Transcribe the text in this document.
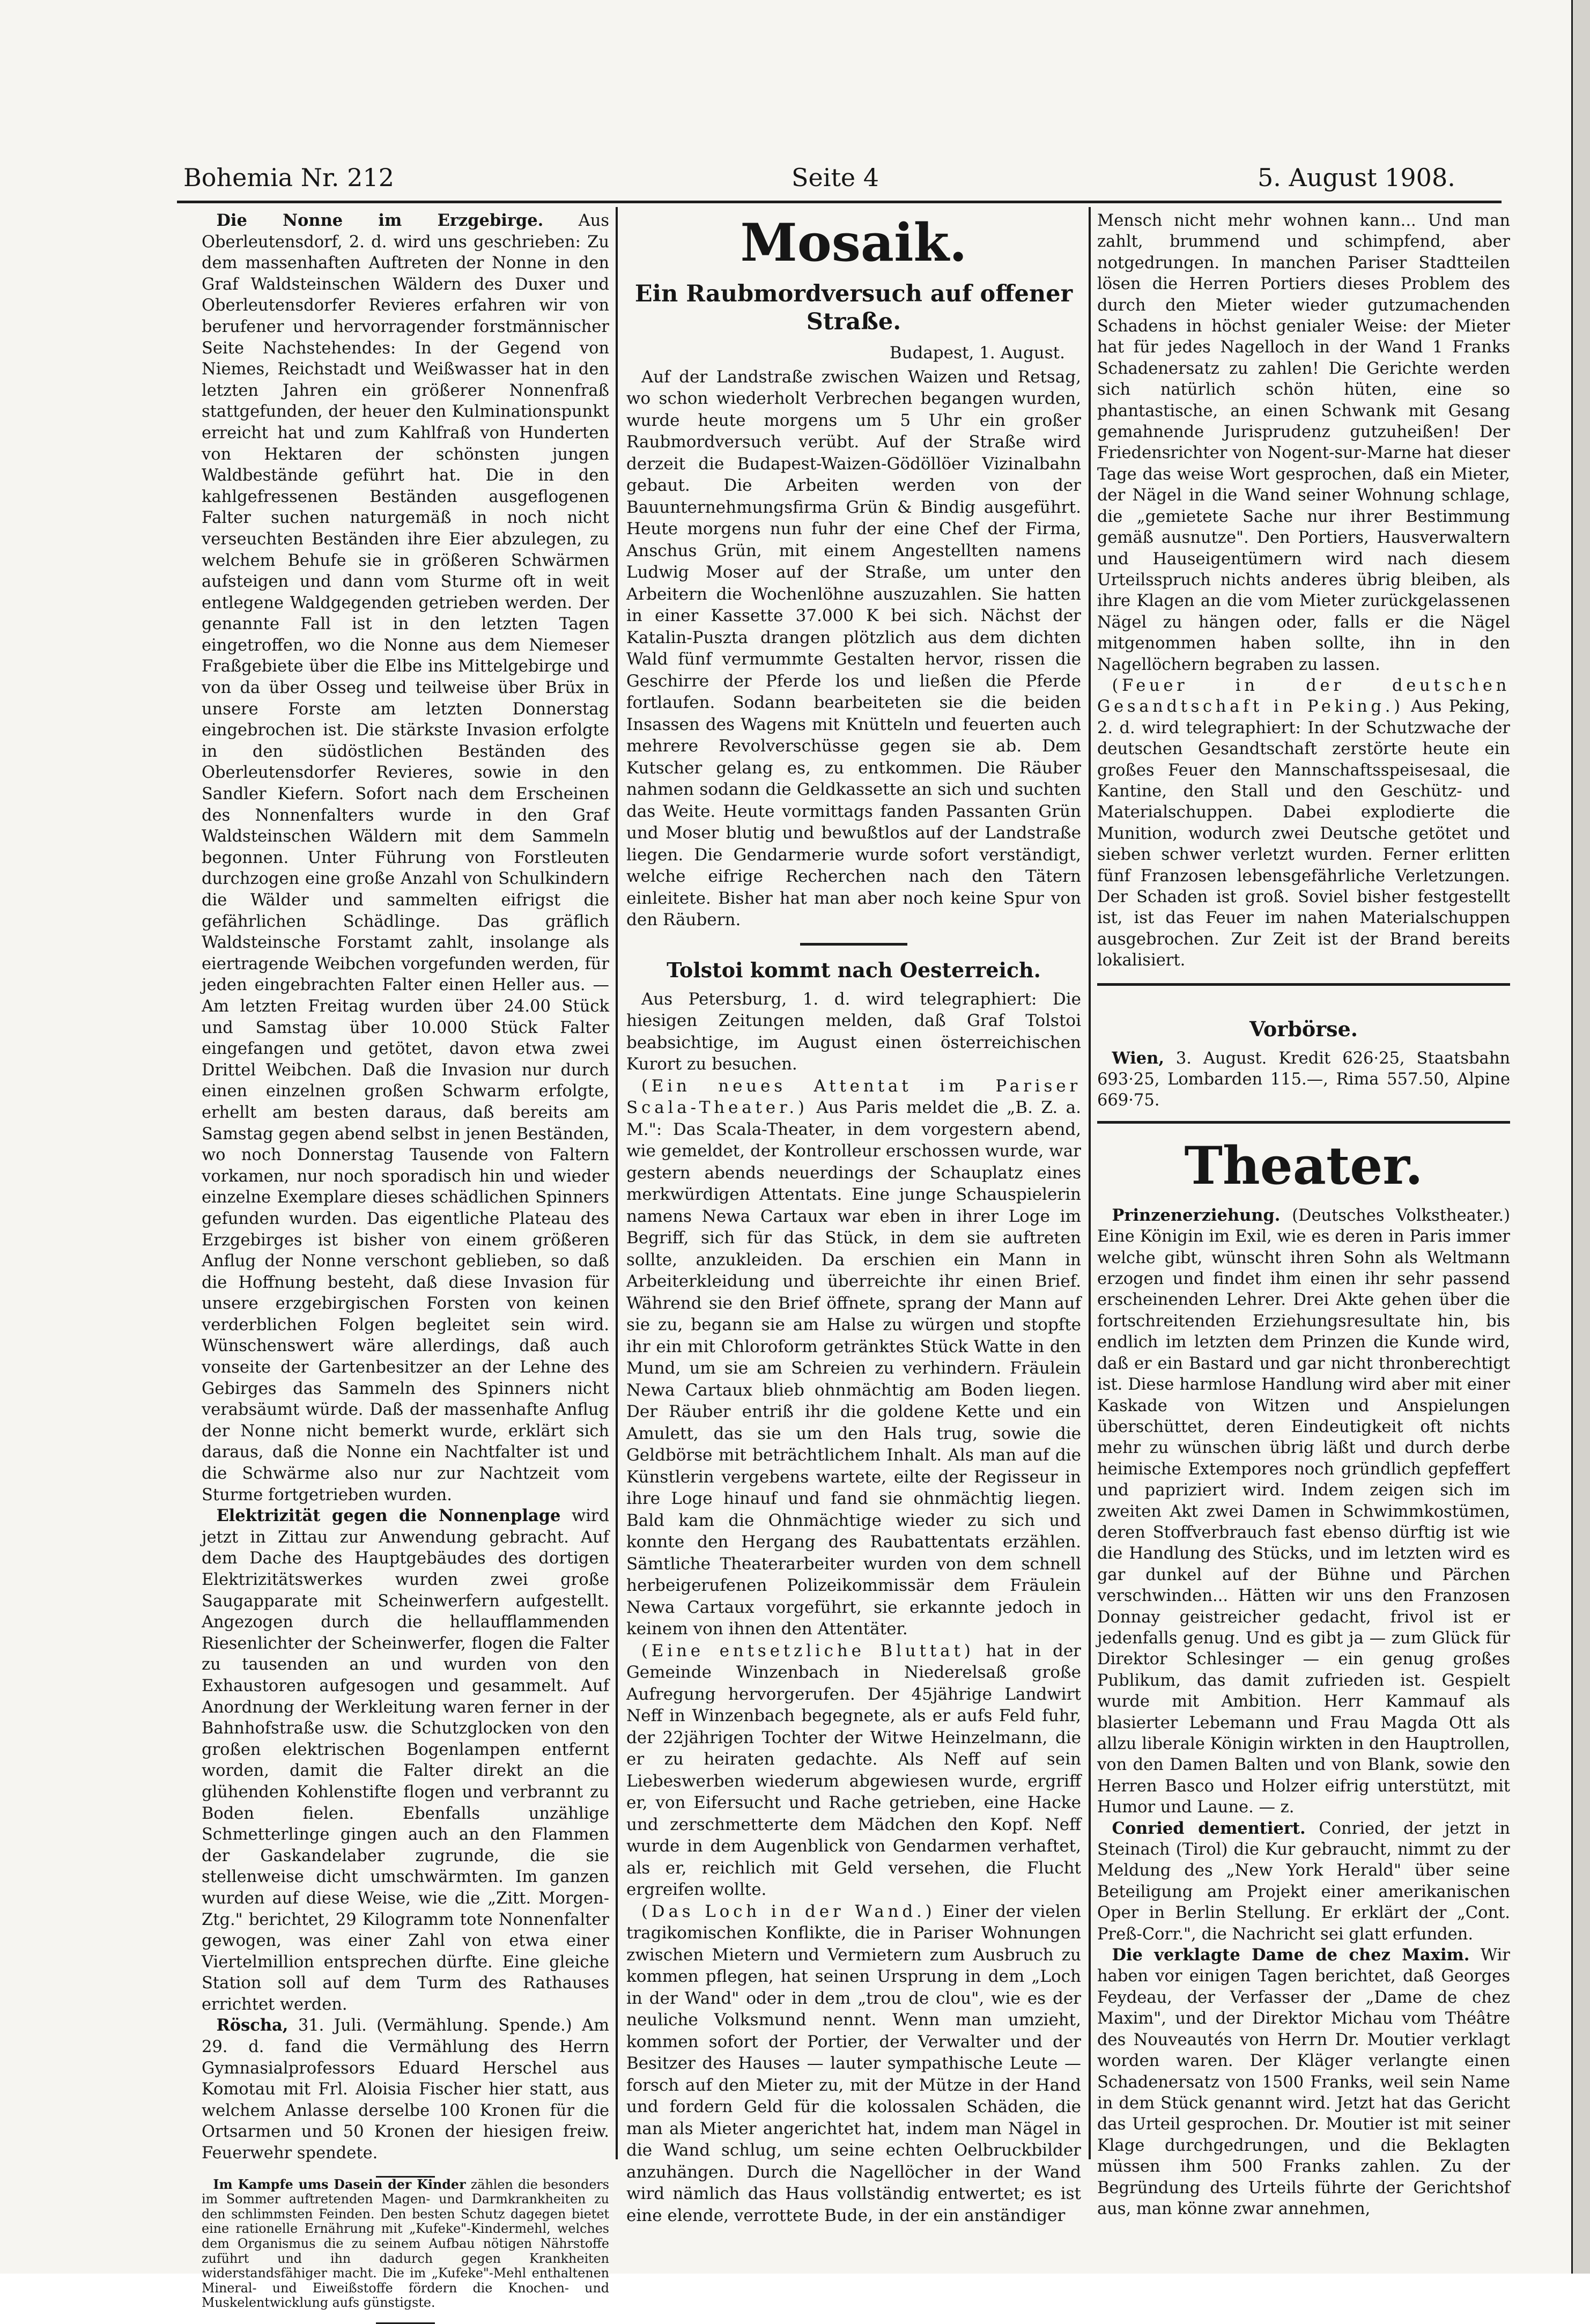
Bohemia Nr. 212	Seite 4	5. August 1908.

Die Nonne im Erzgebirge. Aus Oberleutensdorf, 2. d. wird uns geschrieben: Zu dem massenhaften Auftreten der Nonne in den Graf Waldsteinschen Wäldern des Duxer und Oberleutensdorfer Revieres erfahren wir von berufener und hervorragender forstmännischer Seite Nachstehendes: In der Gegend von Niemes, Reichstadt und Weißwasser hat in den letzten Jahren ein größerer Nonnenfraß stattgefunden, der heuer den Kulminationspunkt erreicht hat und zum Kahlfraß von Hunderten von Hektaren der schönsten jungen Waldbestände geführt hat. Die in den kahlgefressenen Beständen ausgeflogenen Falter suchen naturgemäß in noch nicht verseuchten Beständen ihre Eier abzulegen, zu welchem Behufe sie in größeren Schwärmen aufsteigen und dann vom Sturme oft in weit entlegene Waldgegenden getrieben werden. Der genannte Fall ist in den letzten Tagen eingetroffen, wo die Nonne aus dem Niemeser Fraßgebiete über die Elbe ins Mittelgebirge und von da über Osseg und teilweise über Brüx in unsere Forste am letzten Donnerstag eingebrochen ist. Die stärkste Invasion erfolgte in den südöstlichen Beständen des Oberleutensdorfer Revieres, sowie in den Sandler Kiefern. Sofort nach dem Erscheinen des Nonnenfalters wurde in den Graf Waldsteinschen Wäldern mit dem Sammeln begonnen. Unter Führung von Forstleuten durchzogen eine große Anzahl von Schulkindern die Wälder und sammelten eifrigst die gefährlichen Schädlinge. Das gräflich Waldsteinsche Forstamt zahlt, insolange als eiertragende Weibchen vorgefunden werden, für jeden eingebrachten Falter einen Heller aus. — Am letzten Freitag wurden über 24.00 Stück und Samstag über 10.000 Stück Falter eingefangen und getötet, davon etwa zwei Drittel Weibchen. Daß die Invasion nur durch einen einzelnen großen Schwarm erfolgte, erhellt am besten daraus, daß bereits am Samstag gegen abend selbst in jenen Beständen, wo noch Donnerstag Tausende von Faltern vorkamen, nur noch sporadisch hin und wieder einzelne Exemplare dieses schädlichen Spinners gefunden wurden. Das eigentliche Plateau des Erzgebirges ist bisher von einem größeren Anflug der Nonne verschont geblieben, so daß die Hoffnung besteht, daß diese Invasion für unsere erzgebirgischen Forsten von keinen verderblichen Folgen begleitet sein wird. Wünschenswert wäre allerdings, daß auch vonseite der Gartenbesitzer an der Lehne des Gebirges das Sammeln des Spinners nicht verabsäumt würde. Daß der massenhafte Anflug der Nonne nicht bemerkt wurde, erklärt sich daraus, daß die Nonne ein Nachtfalter ist und die Schwärme also nur zur Nachtzeit vom Sturme fortgetrieben wurden.

Elektrizität gegen die Nonnenplage wird jetzt in Zittau zur Anwendung gebracht. Auf dem Dache des Hauptgebäudes des dortigen Elektrizitätswerkes wurden zwei große Saugapparate mit Scheinwerfern aufgestellt. Angezogen durch die hellaufflammenden Riesenlichter der Scheinwerfer, flogen die Falter zu tausenden an und wurden von den Exhaustoren aufgesogen und gesammelt. Auf Anordnung der Werkleitung waren ferner in der Bahnhofstraße usw. die Schutzglocken von den großen elektrischen Bogenlampen entfernt worden, damit die Falter direkt an die glühenden Kohlenstifte flogen und verbrannt zu Boden fielen. Ebenfalls unzählige Schmetterlinge gingen auch an den Flammen der Gaskandelaber zugrunde, die sie stellenweise dicht umschwärmten. Im ganzen wurden auf diese Weise, wie die „Zitt. Morgen-Ztg." berichtet, 29 Kilogramm tote Nonnenfalter gewogen, was einer Zahl von etwa einer Viertelmillion entsprechen dürfte. Eine gleiche Station soll auf dem Turm des Rathauses errichtet werden.

Röscha, 31. Juli. (Vermählung. Spende.) Am 29. d. fand die Vermählung des Herrn Gymnasialprofessors Eduard Herschel aus Komotau mit Frl. Aloisia Fischer hier statt, aus welchem Anlasse derselbe 100 Kronen für die Ortsarmen und 50 Kronen der hiesigen freiw. Feuerwehr spendete.

Im Kampfe ums Dasein der Kinder zählen die besonders im Sommer auftretenden Magen- und Darmkrankheiten zu den schlimmsten Feinden. Den besten Schutz dagegen bietet eine rationelle Ernährung mit „Kufeke"-Kindermehl, welches dem Organismus die zu seinem Aufbau nötigen Nährstoffe zuführt und ihn dadurch gegen Krankheiten widerstandsfähiger macht. Die im „Kufeke"-Mehl enthaltenen Mineral- und Eiweißstoffe fördern die Knochen- und Muskelentwicklung aufs günstigste.

Mosaik.
Ein Raubmordversuch auf offener Straße.
Budapest, 1. August.

Auf der Landstraße zwischen Waizen und Retsag, wo schon wiederholt Verbrechen begangen wurden, wurde heute morgens um 5 Uhr ein großer Raubmordversuch verübt. Auf der Straße wird derzeit die Budapest-Waizen-Gödöllöer Vizinalbahn gebaut. Die Arbeiten werden von der Bauunternehmungsfirma Grün & Bindig ausgeführt. Heute morgens nun fuhr der eine Chef der Firma, Anschus Grün, mit einem Angestellten namens Ludwig Moser auf der Straße, um unter den Arbeitern die Wochenlöhne auszuzahlen. Sie hatten in einer Kassette 37.000 K bei sich. Nächst der Katalin-Puszta drangen plötzlich aus dem dichten Wald fünf vermummte Gestalten hervor, rissen die Geschirre der Pferde los und ließen die Pferde fortlaufen. Sodann bearbeiteten sie die beiden Insassen des Wagens mit Knütteln und feuerten auch mehrere Revolverschüsse gegen sie ab. Dem Kutscher gelang es, zu entkommen. Die Räuber nahmen sodann die Geldkassette an sich und suchten das Weite. Heute vormittags fanden Passanten Grün und Moser blutig und bewußtlos auf der Landstraße liegen. Die Gendarmerie wurde sofort verständigt, welche eifrige Recherchen nach den Tätern einleitete. Bisher hat man aber noch keine Spur von den Räubern.

Tolstoi kommt nach Oesterreich.

Aus Petersburg, 1. d. wird telegraphiert: Die hiesigen Zeitungen melden, daß Graf Tolstoi beabsichtige, im August einen österreichischen Kurort zu besuchen.

(Ein neues Attentat im Pariser Scala-Theater.) Aus Paris meldet die „B. Z. a. M.": Das Scala-Theater, in dem vorgestern abend, wie gemeldet, der Kontrolleur erschossen wurde, war gestern abends neuerdings der Schauplatz eines merkwürdigen Attentats. Eine junge Schauspielerin namens Newa Cartaux war eben in ihrer Loge im Begriff, sich für das Stück, in dem sie auftreten sollte, anzukleiden. Da erschien ein Mann in Arbeiterkleidung und überreichte ihr einen Brief. Während sie den Brief öffnete, sprang der Mann auf sie zu, begann sie am Halse zu würgen und stopfte ihr ein mit Chloroform getränktes Stück Watte in den Mund, um sie am Schreien zu verhindern. Fräulein Newa Cartaux blieb ohnmächtig am Boden liegen. Der Räuber entriß ihr die goldene Kette und ein Amulett, das sie um den Hals trug, sowie die Geldbörse mit beträchtlichem Inhalt. Als man auf die Künstlerin vergebens wartete, eilte der Regisseur in ihre Loge hinauf und fand sie ohnmächtig liegen. Bald kam die Ohnmächtige wieder zu sich und konnte den Hergang des Raubattentats erzählen. Sämtliche Theaterarbeiter wurden von dem schnell herbeigerufenen Polizeikommissär dem Fräulein Newa Cartaux vorgeführt, sie erkannte jedoch in keinem von ihnen den Attentäter.

(Eine entsetzliche Bluttat) hat in der Gemeinde Winzenbach in Niederelsaß große Aufregung hervorgerufen. Der 45jährige Landwirt Neff in Winzenbach begegnete, als er aufs Feld fuhr, der 22jährigen Tochter der Witwe Heinzelmann, die er zu heiraten gedachte. Als Neff auf sein Liebeswerben wiederum abgewiesen wurde, ergriff er, von Eifersucht und Rache getrieben, eine Hacke und zerschmetterte dem Mädchen den Kopf. Neff wurde in dem Augenblick von Gendarmen verhaftet, als er, reichlich mit Geld versehen, die Flucht ergreifen wollte.

(Das Loch in der Wand.) Einer der vielen tragikomischen Konflikte, die in Pariser Wohnungen zwischen Mietern und Vermietern zum Ausbruch zu kommen pflegen, hat seinen Ursprung in dem „Loch in der Wand" oder in dem „trou de clou", wie es der neuliche Volksmund nennt. Wenn man umzieht, kommen sofort der Portier, der Verwalter und der Besitzer des Hauses — lauter sympathische Leute — forsch auf den Mieter zu, mit der Mütze in der Hand und fordern Geld für die kolossalen Schäden, die man als Mieter angerichtet hat, indem man Nägel in die Wand schlug, um seine echten Oelbruckbilder anzuhängen. Durch die Nagellöcher in der Wand wird nämlich das Haus vollständig entwertet; es ist eine elende, verrottete Bude, in der ein anständiger

Mensch nicht mehr wohnen kann... Und man zahlt, brummend und schimpfend, aber notgedrungen. In manchen Pariser Stadtteilen lösen die Herren Portiers dieses Problem des durch den Mieter wieder gutzumachenden Schadens in höchst genialer Weise: der Mieter hat für jedes Nagelloch in der Wand 1 Franks Schadenersatz zu zahlen! Die Gerichte werden sich natürlich schön hüten, eine so phantastische, an einen Schwank mit Gesang gemahnende Jurisprudenz gutzuheißen! Der Friedensrichter von Nogent-sur-Marne hat dieser Tage das weise Wort gesprochen, daß ein Mieter, der Nägel in die Wand seiner Wohnung schlage, die „gemietete Sache nur ihrer Bestimmung gemäß ausnutze". Den Portiers, Hausverwaltern und Hauseigentümern wird nach diesem Urteilsspruch nichts anderes übrig bleiben, als ihre Klagen an die vom Mieter zurückgelassenen Nägel zu hängen oder, falls er die Nägel mitgenommen haben sollte, ihn in den Nagellöchern begraben zu lassen.

(Feuer in der deutschen Gesandtschaft in Peking.) Aus Peking, 2. d. wird telegraphiert: In der Schutzwache der deutschen Gesandtschaft zerstörte heute ein großes Feuer den Mannschaftsspeisesaal, die Kantine, den Stall und den Geschütz- und Materialschuppen. Dabei explodierte die Munition, wodurch zwei Deutsche getötet und sieben schwer verletzt wurden. Ferner erlitten fünf Franzosen lebensgefährliche Verletzungen. Der Schaden ist groß. Soviel bisher festgestellt ist, ist das Feuer im nahen Materialschuppen ausgebrochen. Zur Zeit ist der Brand bereits lokalisiert.

Vorbörse.

Wien, 3. August. Kredit 626·25, Staatsbahn 693·25, Lombarden 115.—, Rima 557.50, Alpine 669·75.

Theater.

Prinzenerziehung. (Deutsches Volkstheater.) Eine Königin im Exil, wie es deren in Paris immer welche gibt, wünscht ihren Sohn als Weltmann erzogen und findet ihm einen ihr sehr passend erscheinenden Lehrer. Drei Akte gehen über die fortschreitenden Erziehungsresultate hin, bis endlich im letzten dem Prinzen die Kunde wird, daß er ein Bastard und gar nicht thronberechtigt ist. Diese harmlose Handlung wird aber mit einer Kaskade von Witzen und Anspielungen überschüttet, deren Eindeutigkeit oft nichts mehr zu wünschen übrig läßt und durch derbe heimische Extempores noch gründlich gepfeffert und papriziert wird. Indem zeigen sich im zweiten Akt zwei Damen in Schwimmkostümen, deren Stoffverbrauch fast ebenso dürftig ist wie die Handlung des Stücks, und im letzten wird es gar dunkel auf der Bühne und Pärchen verschwinden... Hätten wir uns den Franzosen Donnay geistreicher gedacht, frivol ist er jedenfalls genug. Und es gibt ja — zum Glück für Direktor Schlesinger — ein genug großes Publikum, das damit zufrieden ist. Gespielt wurde mit Ambition. Herr Kammauf als blasierter Lebemann und Frau Magda Ott als allzu liberale Königin wirkten in den Hauptrollen, von den Damen Balten und von Blank, sowie den Herren Basco und Holzer eifrig unterstützt, mit Humor und Laune. — z.

Conried dementiert. Conried, der jetzt in Steinach (Tirol) die Kur gebraucht, nimmt zu der Meldung des „New York Herald" über seine Beteiligung am Projekt einer amerikanischen Oper in Berlin Stellung. Er erklärt der „Cont. Preß-Corr.", die Nachricht sei glatt erfunden.

Die verklagte Dame de chez Maxim. Wir haben vor einigen Tagen berichtet, daß Georges Feydeau, der Verfasser der „Dame de chez Maxim", und der Direktor Michau vom Théâtre des Nouveautés von Herrn Dr. Moutier verklagt worden waren. Der Kläger verlangte einen Schadenersatz von 1500 Franks, weil sein Name in dem Stück genannt wird. Jetzt hat das Gericht das Urteil gesprochen. Dr. Moutier ist mit seiner Klage durchgedrungen, und die Beklagten müssen ihm 500 Franks zahlen. Zu der Begründung des Urteils führte der Gerichtshof aus, man könne zwar annehmen,
